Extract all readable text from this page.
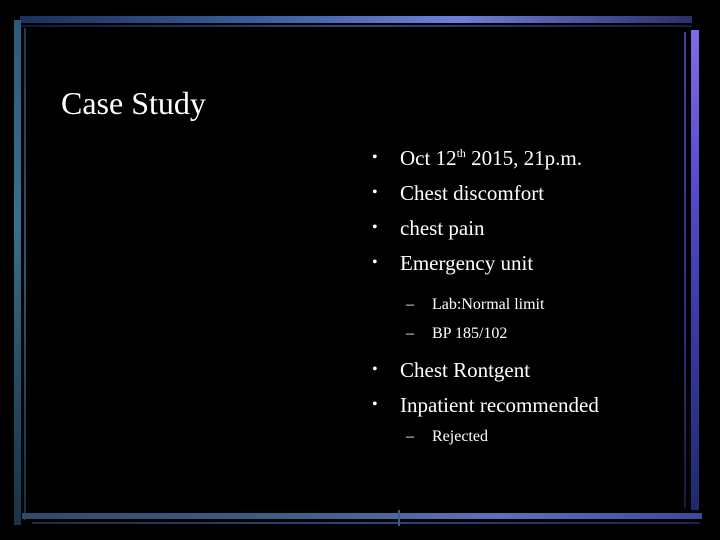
Case Study
• Oct 12th 2015, 21p.m.
• Chest discomfort
• chest pain
• Emergency unit
– Lab:Normal limit
– BP 185/102
• Chest Rontgent
• Inpatient recommended
– Rejected
